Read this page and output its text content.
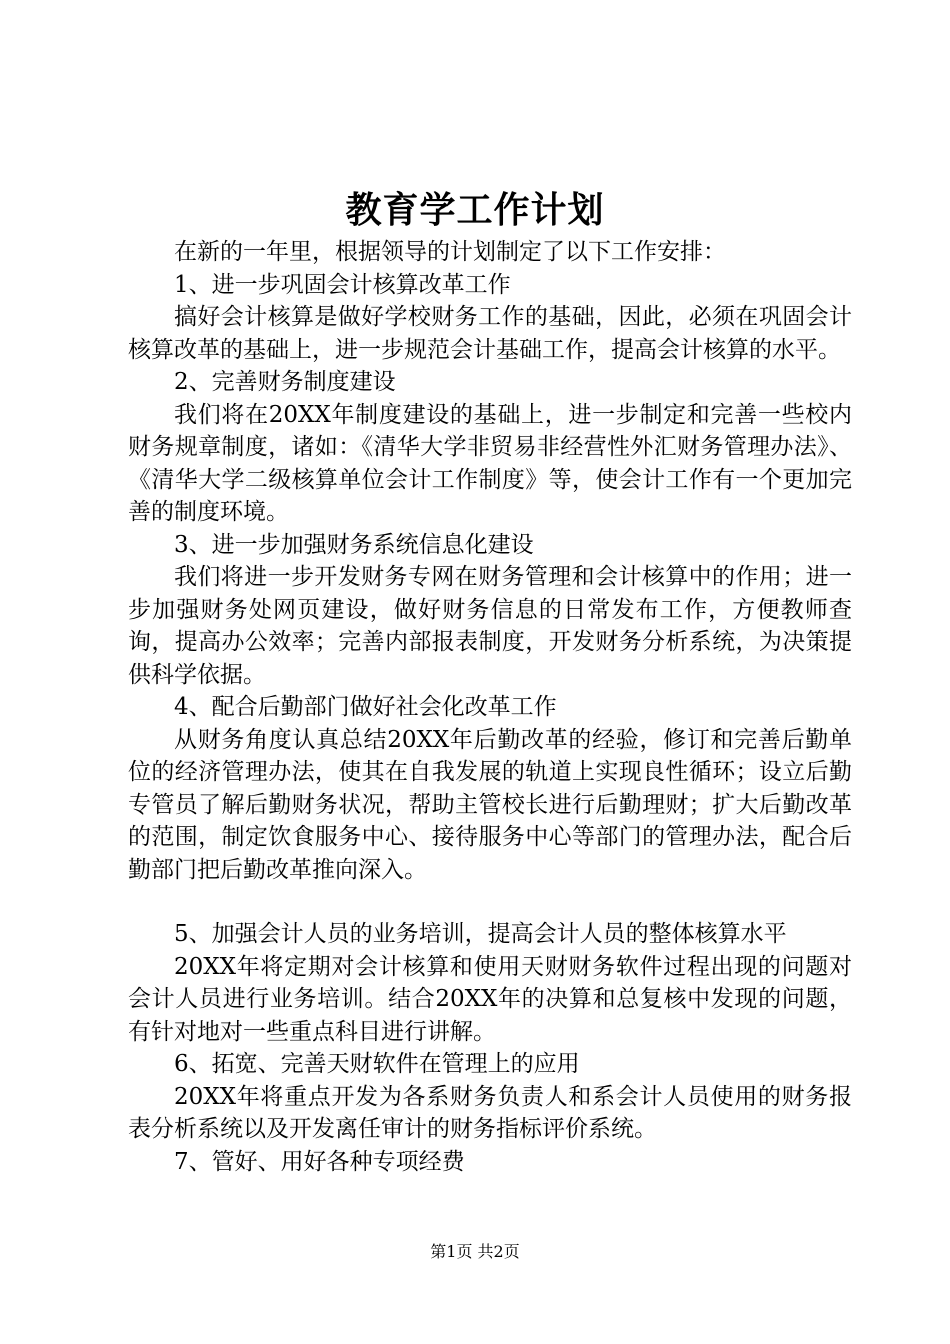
教育学工作计划

在新的一年里，根据领导的计划制定了以下工作安排：

1、进一步巩固会计核算改革工作

搞好会计核算是做好学校财务工作的基础，因此，必须在巩固会计核算改革的基础上，进一步规范会计基础工作，提高会计核算的水平。

2、完善财务制度建设

我们将在20XX年制度建设的基础上，进一步制定和完善一些校内财务规章制度，诸如：《清华大学非贸易非经营性外汇财务管理办法》、《清华大学二级核算单位会计工作制度》等，使会计工作有一个更加完善的制度环境。

3、进一步加强财务系统信息化建设

我们将进一步开发财务专网在财务管理和会计核算中的作用；进一步加强财务处网页建设，做好财务信息的日常发布工作，方便教师查询，提高办公效率；完善内部报表制度，开发财务分析系统，为决策提供科学依据。

4、配合后勤部门做好社会化改革工作

从财务角度认真总结20XX年后勤改革的经验，修订和完善后勤单位的经济管理办法，使其在自我发展的轨道上实现良性循环；设立后勤专管员了解后勤财务状况，帮助主管校长进行后勤理财；扩大后勤改革的范围，制定饮食服务中心、接待服务中心等部门的管理办法，配合后勤部门把后勤改革推向深入。

5、加强会计人员的业务培训，提高会计人员的整体核算水平

20XX年将定期对会计核算和使用天财财务软件过程出现的问题对会计人员进行业务培训。结合20XX年的决算和总复核中发现的问题，有针对地对一些重点科目进行讲解。

6、拓宽、完善天财软件在管理上的应用

20XX年将重点开发为各系财务负责人和系会计人员使用的财务报表分析系统以及开发离任审计的财务指标评价系统。

7、管好、用好各种专项经费

第1页 共2页
